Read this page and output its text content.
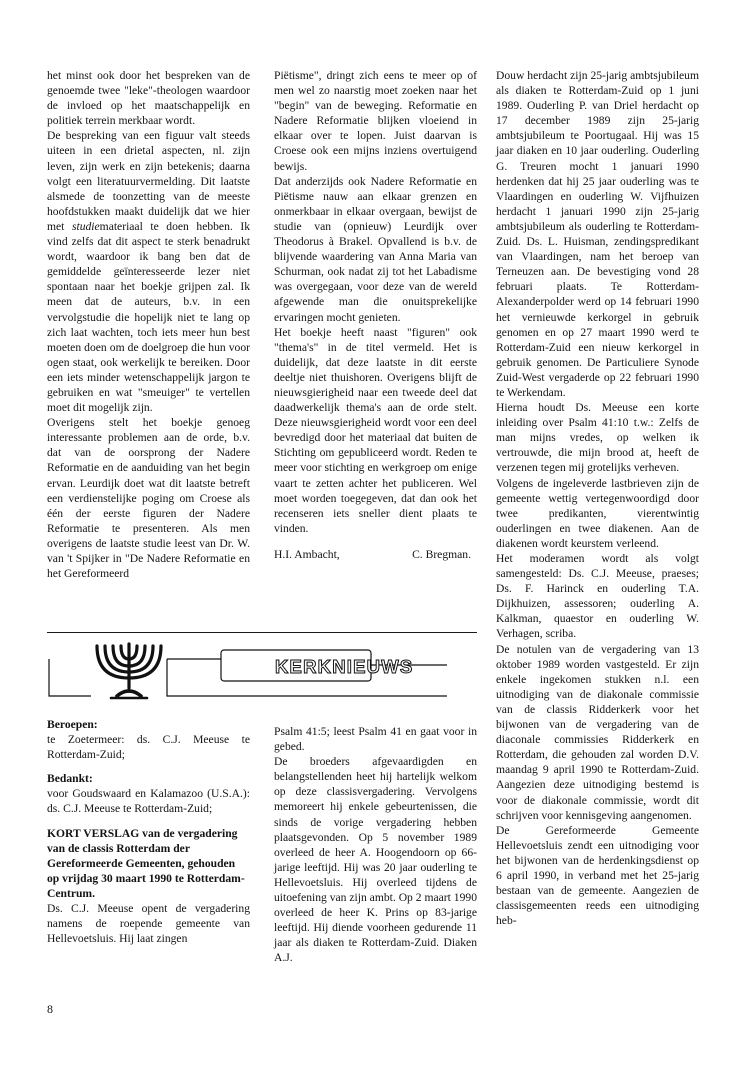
het minst ook door het bespreken van de genoemde twee "leke"-theologen waardoor de invloed op het maatschappelijk en politiek terrein merkbaar wordt.

De bespreking van een figuur valt steeds uiteen in een drietal aspecten, nl. zijn leven, zijn werk en zijn betekenis; daarna volgt een literatuurvermelding. Dit laatste alsmede de toonzetting van de meeste hoofdstukken maakt duidelijk dat we hier met studiemateriaal te doen hebben. Ik vind zelfs dat dit aspect te sterk benadrukt wordt, waardoor ik bang ben dat de gemiddelde geïnteresseerde lezer niet spontaan naar het boekje grijpen zal. Ik meen dat de auteurs, b.v. in een vervolgstudie die hopelijk niet te lang op zich laat wachten, toch iets meer hun best moeten doen om de doelgroep die hun voor ogen staat, ook werkelijk te bereiken. Door een iets minder wetenschappelijk jargon te gebruiken en wat "smeuiger" te vertellen moet dit mogelijk zijn.

Overigens stelt het boekje genoeg interessante problemen aan de orde, b.v. dat van de oorsprong der Nadere Reformatie en de aanduiding van het begin ervan. Leurdijk doet wat dit laatste betreft een verdienstelijke poging om Croese als één der eerste figuren der Nadere Reformatie te presenteren. Als men overigens de laatste studie leest van Dr. W. van 't Spijker in "De Nadere Reformatie en het Gereformeerd

Piëtisme", dringt zich eens te meer op of men wel zo naarstig moet zoeken naar het "begin" van de beweging. Reformatie en Nadere Reformatie blijken vloeiend in elkaar over te lopen. Juist daarvan is Croese ook een mijns inziens overtuigend bewijs.

Dat anderzijds ook Nadere Reformatie en Piëtisme nauw aan elkaar grenzen en onmerkbaar in elkaar overgaan, bewijst de studie van (opnieuw) Leurdijk over Theodorus à Brakel. Opvallend is b.v. de blijvende waardering van Anna Maria van Schurman, ook nadat zij tot het Labadisme was overgegaan, voor deze van de wereld afgewende man die onuitsprekelijke ervaringen mocht genieten.

Het boekje heeft naast "figuren" ook "thema's" in de titel vermeld. Het is duidelijk, dat deze laatste in dit eerste deeltje niet thuishoren. Overigens blijft de nieuwsgierigheid naar een tweede deel dat daadwerkelijk thema's aan de orde stelt. Deze nieuwsgierigheid wordt voor een deel bevredigd door het materiaal dat buiten de Stichting om gepubliceerd wordt. Reden te meer voor stichting en werkgroep om enige vaart te zetten achter het publiceren. Wel moet worden toegegeven, dat dan ook het recenseren iets sneller dient plaats te vinden.

H.I. Ambacht,	C. Bregman.
KERKNIEUWS

Beroepen:

te Zoetermeer: ds. C.J. Meeuse te Rotterdam-Zuid;

Bedankt:

voor Goudswaard en Kalamazoo (U.S.A.): ds. C.J. Meeuse te Rotterdam-Zuid;

KORT VERSLAG van de vergadering van de classis Rotterdam der Gereformeerde Gemeenten, gehouden op vrijdag 30 maart 1990 te Rotterdam-Centrum.

Ds. C.J. Meeuse opent de vergadering namens de roepende gemeente van Hellevoetsluis. Hij laat zingen

Psalm 41:5; leest Psalm 41 en gaat voor in gebed.

De broeders afgevaardigden en belangstellenden heet hij hartelijk welkom op deze classisvergadering. Vervolgens memoreert hij enkele gebeurtenissen, die sinds de vorige vergadering hebben plaatsgevonden. Op 5 november 1989 overleed de heer A. Hoogendoorn op 66-jarige leeftijd. Hij was 20 jaar ouderling te Hellevoetsluis. Hij overleed tijdens de uitoefening van zijn ambt. Op 2 maart 1990 overleed de heer K. Prins op 83-jarige leeftijd. Hij diende voorheen gedurende 11 jaar als diaken te Rotterdam-Zuid. Diaken A.J.

Douw herdacht zijn 25-jarig ambtsjubileum als diaken te Rotterdam-Zuid op 1 juni 1989. Ouderling P. van Driel herdacht op 17 december 1989 zijn 25-jarig ambtsjubileum te Poortugaal. Hij was 15 jaar diaken en 10 jaar ouderling. Ouderling G. Treuren mocht 1 januari 1990 herdenken dat hij 25 jaar ouderling was te Vlaardingen en ouderling W. Vijfhuizen herdacht 1 januari 1990 zijn 25-jarig ambtsjubileum als ouderling te Rotterdam-Zuid. Ds. L. Huisman, zendingspredikant van Vlaardingen, nam het beroep van Terneuzen aan. De bevestiging vond 28 februari plaats. Te Rotterdam-Alexanderpolder werd op 14 februari 1990 het vernieuwde kerkorgel in gebruik genomen en op 27 maart 1990 werd te Rotterdam-Zuid een nieuw kerkorgel in gebruik genomen. De Particuliere Synode Zuid-West vergaderde op 22 februari 1990 te Werkendam.

Hierna houdt Ds. Meeuse een korte inleiding over Psalm 41:10 t.w.: Zelfs de man mijns vredes, op welken ik vertrouwde, die mijn brood at, heeft de verzenen tegen mij grotelijks verheven.

Volgens de ingeleverde lastbrieven zijn de gemeente wettig vertegenwoordigd door twee predikanten, vierentwintig ouderlingen en twee diakenen. Aan de diakenen wordt keurstem verleend.

Het moderamen wordt als volgt samengesteld: Ds. C.J. Meeuse, praeses; Ds. F. Harinck en ouderling T.A. Dijkhuizen, assessoren; ouderling A. Kalkman, quaestor en ouderling W. Verhagen, scriba.

De notulen van de vergadering van 13 oktober 1989 worden vastgesteld. Er zijn enkele ingekomen stukken n.l. een uitnodiging van de diakonale commissie van de classis Ridderkerk voor het bijwonen van de vergadering van de diaconale commissies Ridderkerk en Rotterdam, die gehouden zal worden D.V. maandag 9 april 1990 te Rotterdam-Zuid. Aangezien deze uitnodiging bestemd is voor de diakonale commissie, wordt dit schrijven voor kennisgeving aangenomen.

De Gereformeerde Gemeente Hellevoetsluis zendt een uitnodiging voor het bijwonen van de herdenkingsdienst op 6 april 1990, in verband met het 25-jarig bestaan van de gemeente. Aangezien de classisgemeenten reeds een uitnodiging heb-

8
